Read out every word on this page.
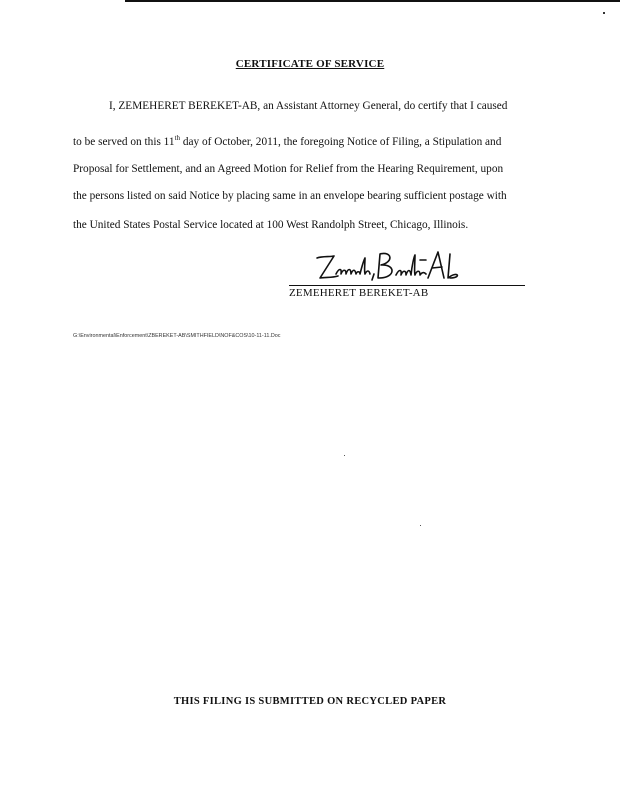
CERTIFICATE OF SERVICE
I, ZEMEHERET BEREKET-AB, an Assistant Attorney General, do certify that I caused
to be served on this 11th day of October, 2011, the foregoing Notice of Filing, a Stipulation and
Proposal for Settlement, and an Agreed Motion for Relief from the Hearing Requirement, upon
the persons listed on said Notice by placing same in an envelope bearing sufficient postage with
the United States Postal Service located at 100 West Randolph Street, Chicago, Illinois.
ZEMEHERET BEREKET-AB
G:\Environmental\Enforcement\ZBEREKET-AB\SMITHFIELD\NOF&COS\10-11-11.Doc
THIS FILING IS SUBMITTED ON RECYCLED PAPER
